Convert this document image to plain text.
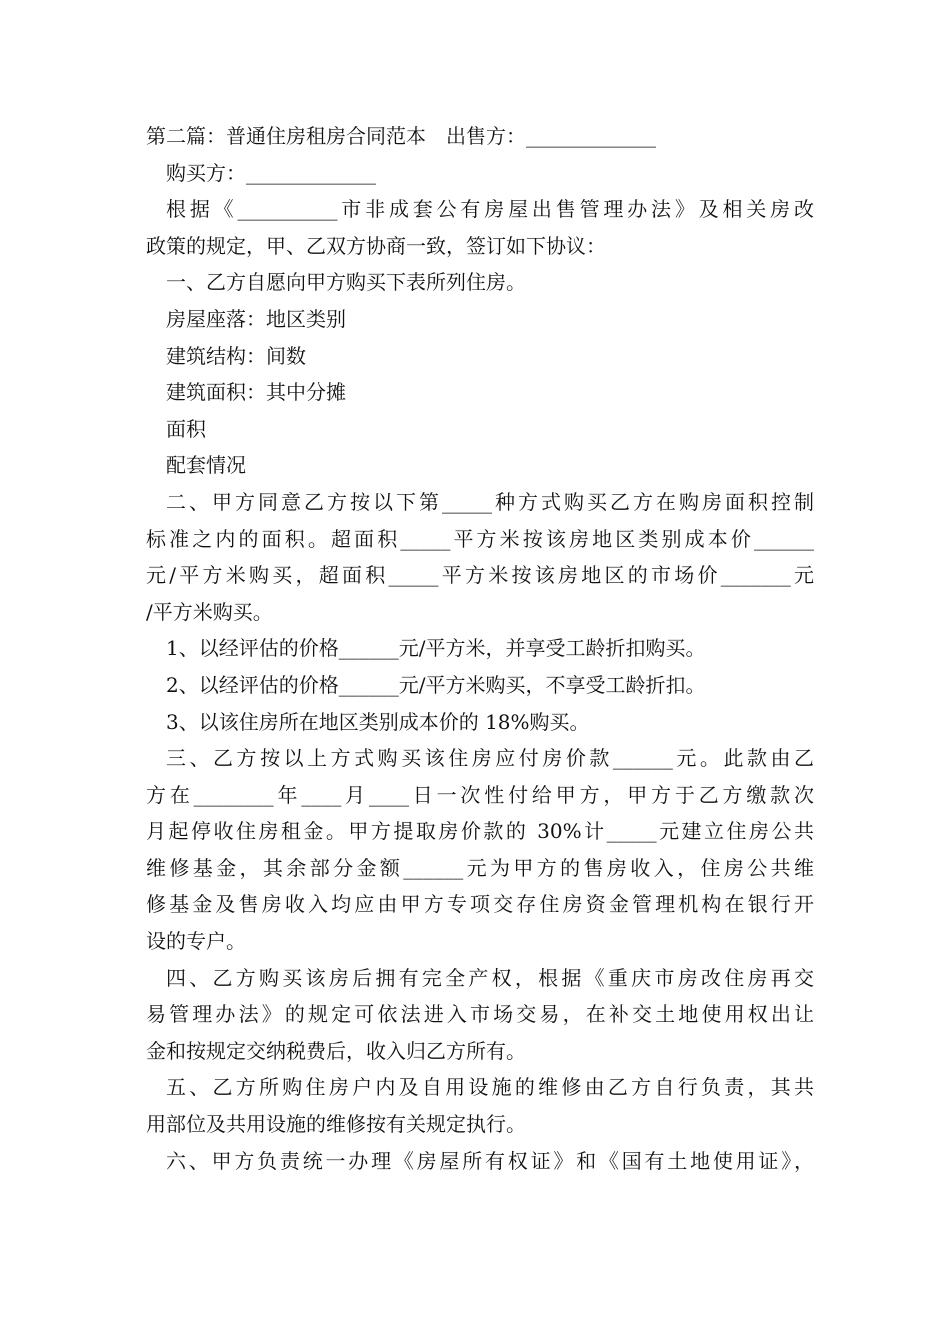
第二篇：普通住房租房合同范本　出售方：_____________
购买方：_____________
根据《__________市非成套公有房屋出售管理办法》及相关房改
政策的规定，甲、乙双方协商一致，签订如下协议：
一、乙方自愿向甲方购买下表所列住房。
房屋座落：地区类别
建筑结构：间数
建筑面积：其中分摊
面积
配套情况
二、甲方同意乙方按以下第_____种方式购买乙方在购房面积控制
标准之内的面积。超面积_____平方米按该房地区类别成本价______
元/平方米购买，超面积_____平方米按该房地区的市场价_______元
/平方米购买。
1、以经评估的价格______元/平方米，并享受工龄折扣购买。
2、以经评估的价格______元/平方米购买，不享受工龄折扣。
3、以该住房所在地区类别成本价的 18%购买。
三、乙方按以上方式购买该住房应付房价款______元。此款由乙
方在________年____月____日一次性付给甲方，甲方于乙方缴款次
月起停收住房租金。甲方提取房价款的 30%计_____元建立住房公共
维修基金，其余部分金额______元为甲方的售房收入，住房公共维
修基金及售房收入均应由甲方专项交存住房资金管理机构在银行开
设的专户。
四、乙方购买该房后拥有完全产权，根据《重庆市房改住房再交
易管理办法》的规定可依法进入市场交易，在补交土地使用权出让
金和按规定交纳税费后，收入归乙方所有。
五、乙方所购住房户内及自用设施的维修由乙方自行负责，其共
用部位及共用设施的维修按有关规定执行。
六、甲方负责统一办理《房屋所有权证》和《国有土地使用证》，
